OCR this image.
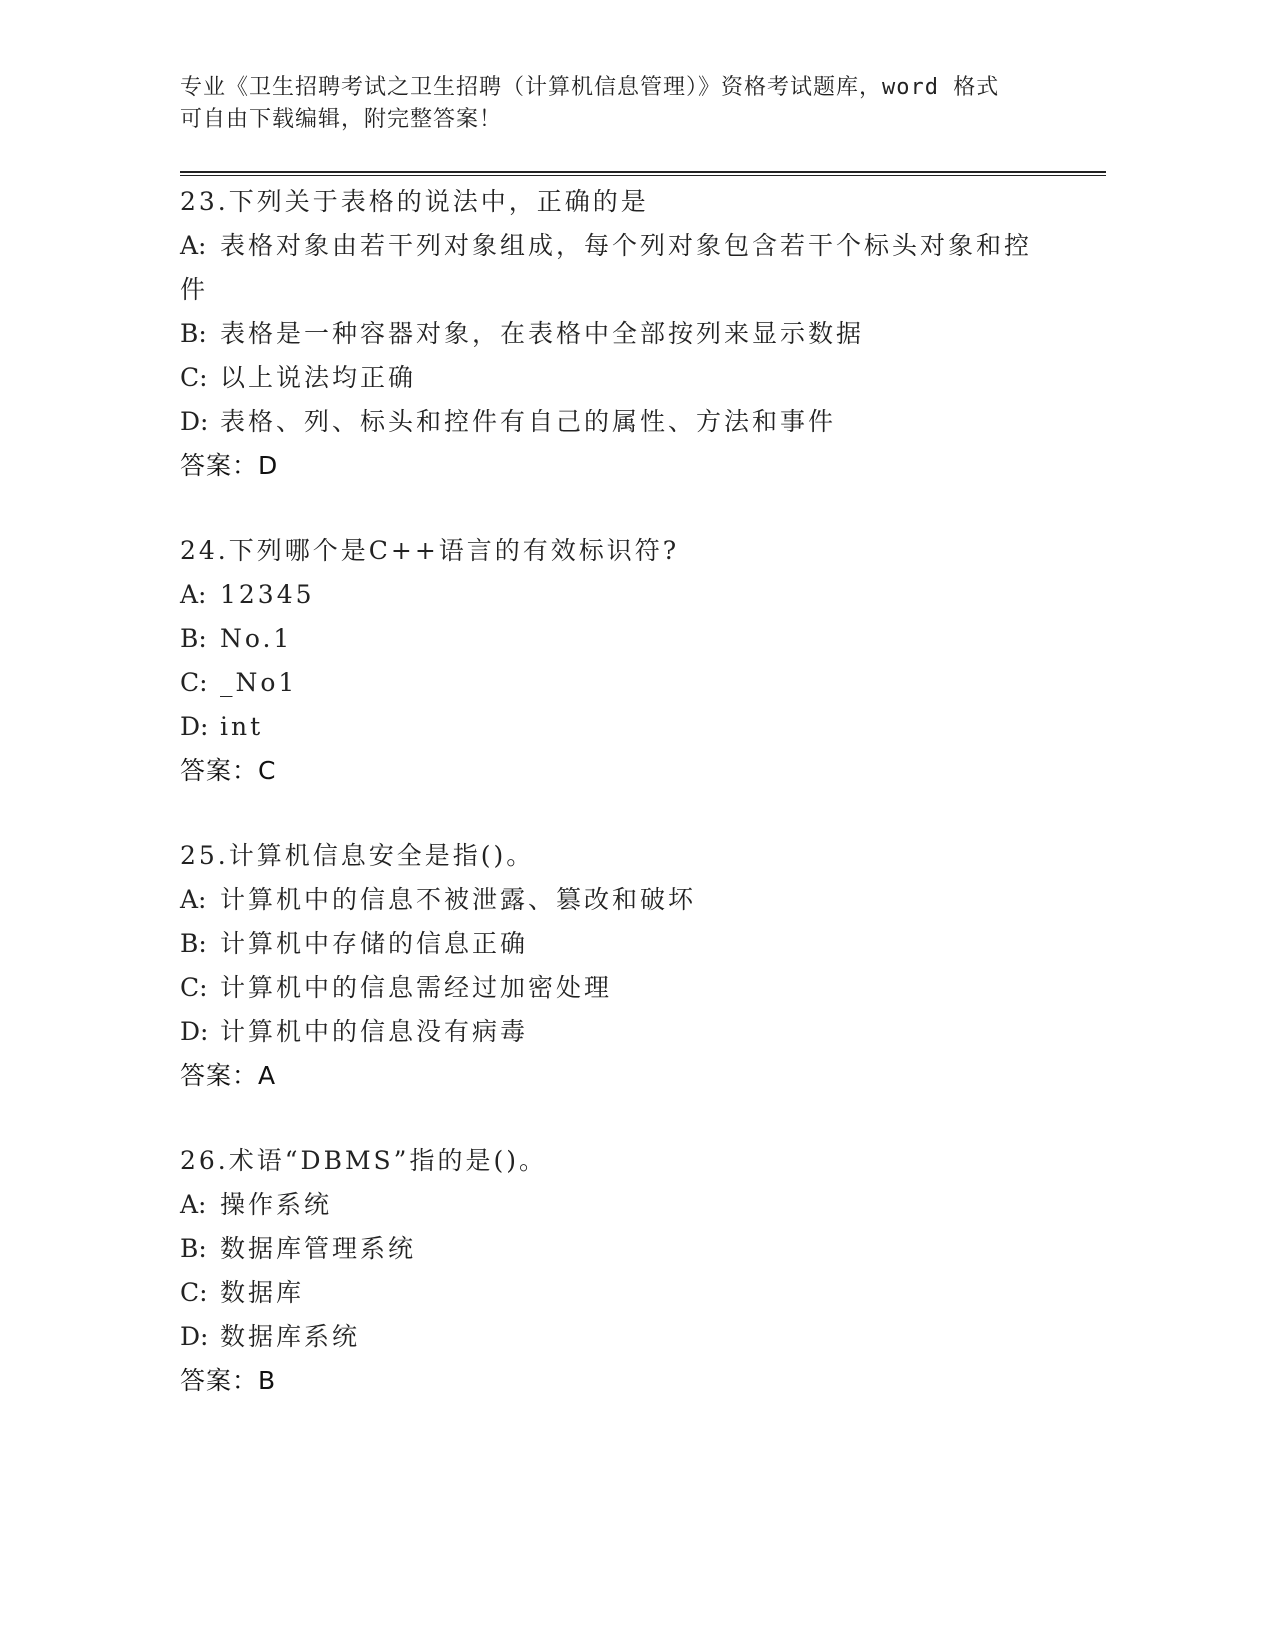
专业《卫生招聘考试之卫生招聘（计算机信息管理）》资格考试题库，word 格式
可自由下载编辑，附完整答案！
23.下列关于表格的说法中，正确的是
A: 表格对象由若干列对象组成，每个列对象包含若干个标头对象和控
件
B: 表格是一种容器对象，在表格中全部按列来显示数据
C: 以上说法均正确
D: 表格、列、标头和控件有自己的属性、方法和事件
答案：D
24.下列哪个是C++语言的有效标识符?
A: 12345
B: No.1
C: _No1
D: int
答案：C
25.计算机信息安全是指()。
A: 计算机中的信息不被泄露、篡改和破坏
B: 计算机中存储的信息正确
C: 计算机中的信息需经过加密处理
D: 计算机中的信息没有病毒
答案：A
26.术语“DBMS”指的是()。
A: 操作系统
B: 数据库管理系统
C: 数据库
D: 数据库系统
答案：B
